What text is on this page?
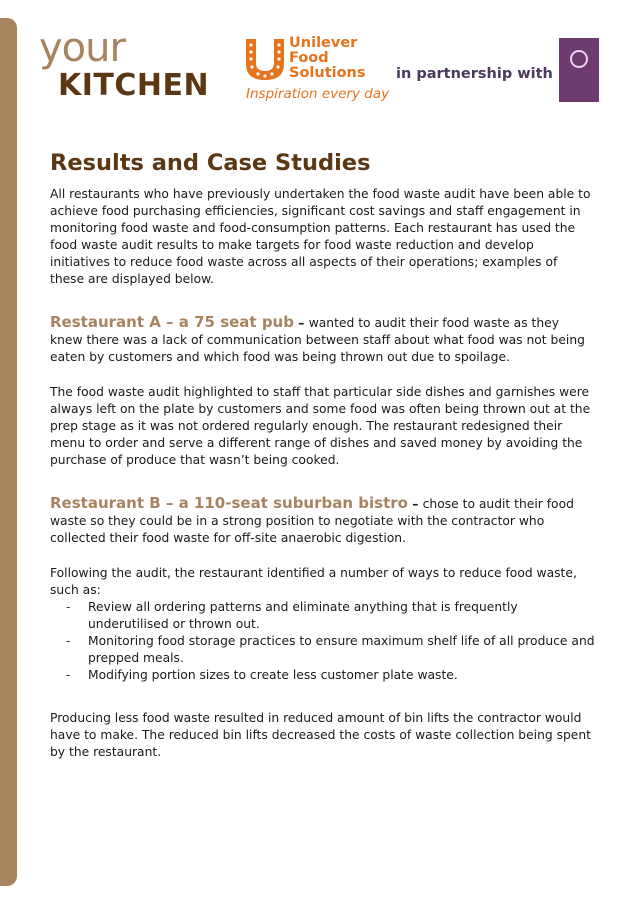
your
KITCHEN
Unilever
Food
Solutions
Inspiration every day
in partnership with
Results and Case Studies

All restaurants who have previously undertaken the food waste audit have been able to achieve food purchasing efficiencies, significant cost savings and staff engagement in monitoring food waste and food-consumption patterns. Each restaurant has used the food waste audit results to make targets for food waste reduction and develop initiatives to reduce food waste across all aspects of their operations; examples of these are displayed below.

Restaurant A – a 75 seat pub – wanted to audit their food waste as they knew there was a lack of communication between staff about what food was not being eaten by customers and which food was being thrown out due to spoilage.

The food waste audit highlighted to staff that particular side dishes and garnishes were always left on the plate by customers and some food was often being thrown out at the prep stage as it was not ordered regularly enough. The restaurant redesigned their menu to order and serve a different range of dishes and saved money by avoiding the purchase of produce that wasn’t being cooked.

Restaurant B – a 110-seat suburban bistro – chose to audit their food waste so they could be in a strong position to negotiate with the contractor who collected their food waste for off-site anaerobic digestion.

Following the audit, the restaurant identified a number of ways to reduce food waste, such as:

- Review all ordering patterns and eliminate anything that is frequently underutilised or thrown out.
- Monitoring food storage practices to ensure maximum shelf life of all produce and prepped meals.
- Modifying portion sizes to create less customer plate waste.

Producing less food waste resulted in reduced amount of bin lifts the contractor would have to make. The reduced bin lifts decreased the costs of waste collection being spent by the restaurant.
